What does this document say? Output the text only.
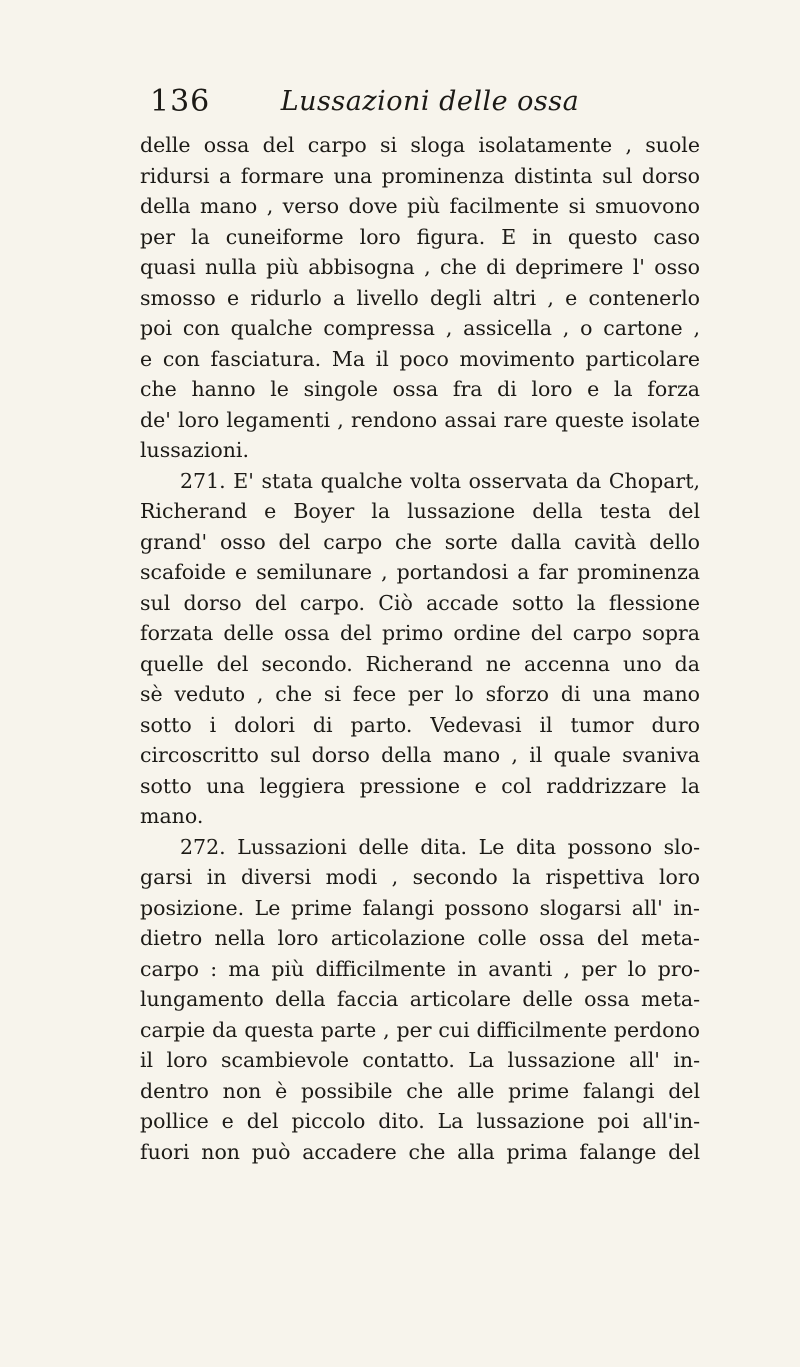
136	Lussazioni delle ossa
delle ossa del carpo si sloga isolatamente , suole
ridursi a formare una prominenza distinta sul dorso
della mano , verso dove più facilmente si smuovono
per la cuneiforme loro figura. E in questo caso
quasi nulla più abbisogna , che di deprimere l' osso
smosso e ridurlo a livello degli altri , e contenerlo
poi con qualche compressa , assicella , o cartone ,
e con fasciatura. Ma il poco movimento particolare
che hanno le singole ossa fra di loro e la forza
de' loro legamenti , rendono assai rare queste isolate
lussazioni.
271. E' stata qualche volta osservata da Chopart,
Richerand e Boyer la lussazione della testa del
grand' osso del carpo che sorte dalla cavità dello
scafoide e semilunare , portandosi a far prominenza
sul dorso del carpo. Ciò accade sotto la flessione
forzata delle ossa del primo ordine del carpo sopra
quelle del secondo. Richerand ne accenna uno da
sè veduto , che si fece per lo sforzo di una mano
sotto i dolori di parto. Vedevasi il tumor duro
circoscritto sul dorso della mano , il quale svaniva
sotto una leggiera pressione e col raddrizzare la
mano.
272. Lussazioni delle dita. Le dita possono slo-
garsi in diversi modi , secondo la rispettiva loro
posizione. Le prime falangi possono slogarsi all' in-
dietro nella loro articolazione colle ossa del meta-
carpo : ma più difficilmente in avanti , per lo pro-
lungamento della faccia articolare delle ossa meta-
carpie da questa parte , per cui difficilmente perdono
il loro scambievole contatto. La lussazione all' in-
dentro non è possibile che alle prime falangi del
pollice e del piccolo dito. La lussazione poi all'in-
fuori non può accadere che alla prima falange del
